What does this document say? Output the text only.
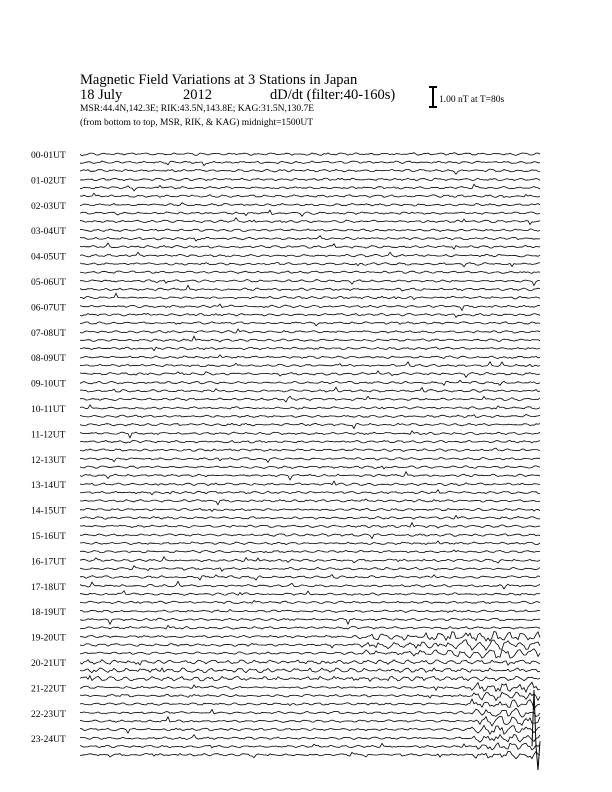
Magnetic Field Variations at 3 Stations in Japan
18 July	2012	dD/dt (filter:40-160s)
MSR:44.4N,142.3E; RIK:43.5N,143.8E; KAG:31.5N,130.7E
(from bottom to top, MSR, RIK, & KAG) midnight=1500UT
1.00 nT at T=80s
00-01UT
01-02UT
02-03UT
03-04UT
04-05UT
05-06UT
06-07UT
07-08UT
08-09UT
09-10UT
10-11UT
11-12UT
12-13UT
13-14UT
14-15UT
15-16UT
16-17UT
17-18UT
18-19UT
19-20UT
20-21UT
21-22UT
22-23UT
23-24UT
